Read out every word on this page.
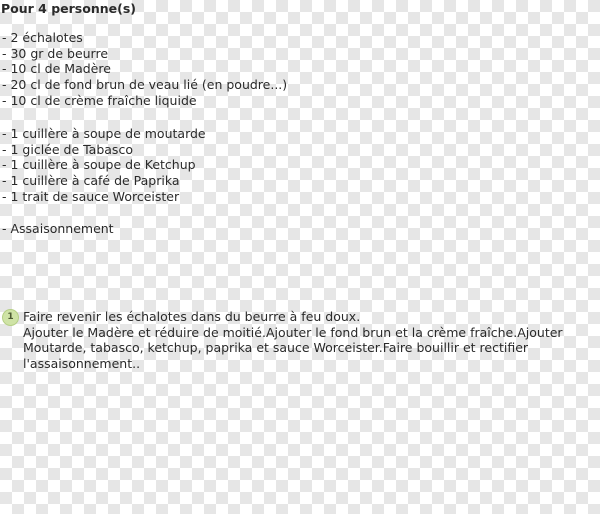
Pour 4 personne(s)
- 2 échalotes
- 30 gr de beurre
- 10 cl de Madère
- 20 cl de fond brun de veau lié (en poudre...)
- 10 cl de crème fraîche liquide
- 1 cuillère à soupe de moutarde
- 1 giclée de Tabasco
- 1 cuillère à soupe de Ketchup
- 1 cuillère à café de Paprika
- 1 trait de sauce Worceister
- Assaisonnement
1 Faire revenir les échalotes dans du beurre à feu doux.
Ajouter le Madère et réduire de moitié.Ajouter le fond brun et la crème fraîche.Ajouter Moutarde, tabasco, ketchup, paprika et sauce Worceister.Faire bouillir et rectifier l'assaisonnement..
